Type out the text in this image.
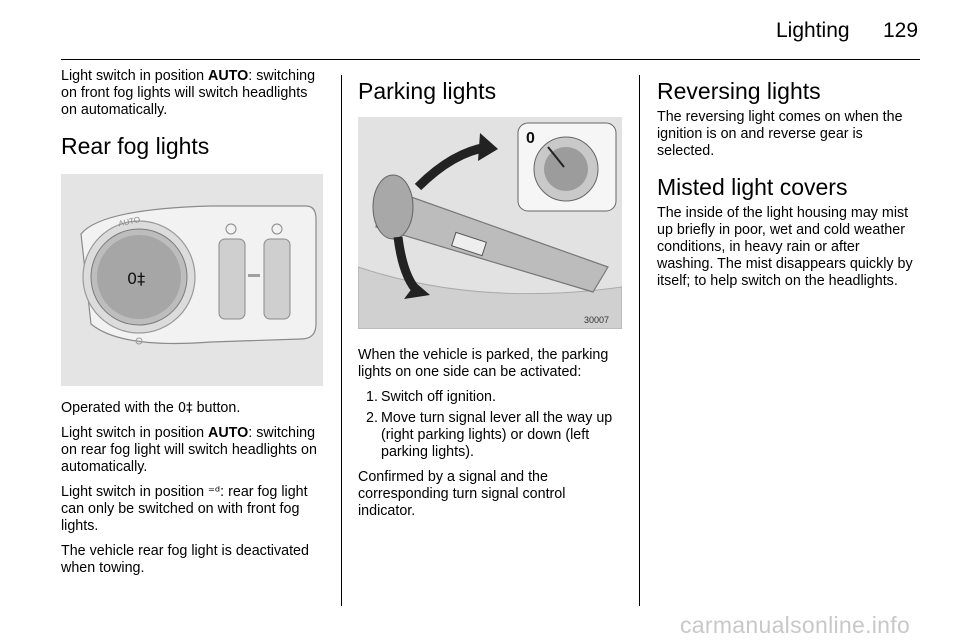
Lighting 129

Light switch in position AUTO: switching on front fog lights will switch headlights on automatically.

Rear fog lights
0‡
AUTO

Operated with the 0‡ button.

Light switch in position AUTO: switching on rear fog light will switch headlights on automatically.

Light switch in position ⁼ᵈ: rear fog light can only be switched on with front fog lights.

The vehicle rear fog light is deactivated when towing.

Parking lights
0
30007

When the vehicle is parked, the parking lights on one side can be activated:

1. Switch off ignition.
2. Move turn signal lever all the way up (right parking lights) or down (left parking lights).

Confirmed by a signal and the corresponding turn signal control indicator.

Reversing lights

The reversing light comes on when the ignition is on and reverse gear is selected.

Misted light covers

The inside of the light housing may mist up briefly in poor, wet and cold weather conditions, in heavy rain or after washing. The mist disappears quickly by itself; to help switch on the headlights.

carmanualsonline.info
